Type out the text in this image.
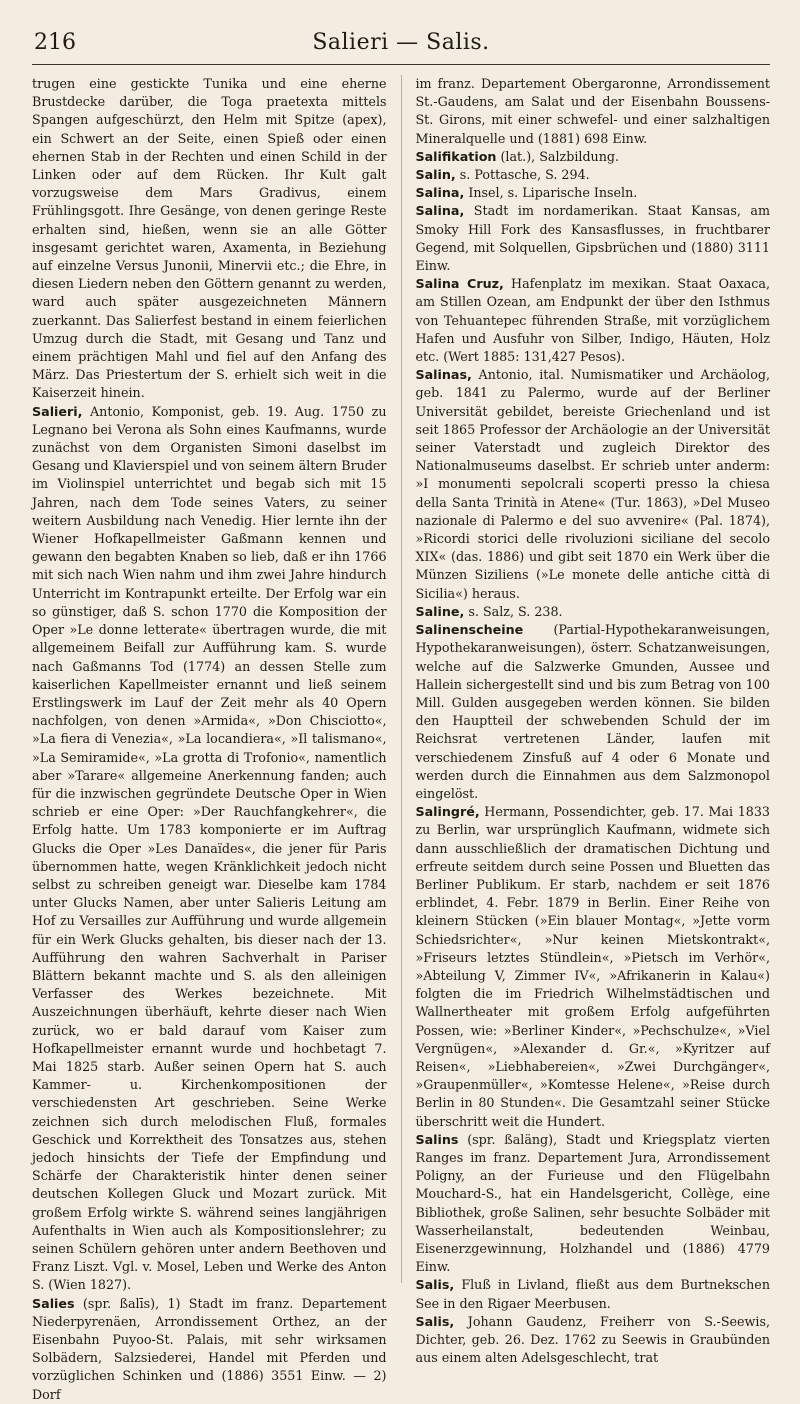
216	Salieri — Salis.

trugen eine gestickte Tunika und eine eherne Brustdecke darüber, die Toga praetexta mittels Spangen aufgeschürzt, den Helm mit Spitze (apex), ein Schwert an der Seite, einen Spieß oder einen ehernen Stab in der Rechten und einen Schild in der Linken oder auf dem Rücken. Ihr Kult galt vorzugsweise dem Mars Gradivus, einem Frühlingsgott. Ihre Gesänge, von denen geringe Reste erhalten sind, hießen, wenn sie an alle Götter insgesamt gerichtet waren, Axamenta, in Beziehung auf einzelne Versus Junonii, Minervii etc.; die Ehre, in diesen Liedern neben den Göttern genannt zu werden, ward auch später ausgezeichneten Männern zuerkannt. Das Salierfest bestand in einem feierlichen Umzug durch die Stadt, mit Gesang und Tanz und einem prächtigen Mahl und fiel auf den Anfang des März. Das Priestertum der S. erhielt sich weit in die Kaiserzeit hinein.

Salieri, Antonio, Komponist, geb. 19. Aug. 1750 zu Legnano bei Verona als Sohn eines Kaufmanns, wurde zunächst von dem Organisten Simoni daselbst im Gesang und Klavierspiel und von seinem ältern Bruder im Violinspiel unterrichtet und begab sich mit 15 Jahren, nach dem Tode seines Vaters, zu seiner weitern Ausbildung nach Venedig. Hier lernte ihn der Wiener Hofkapellmeister Gaßmann kennen und gewann den begabten Knaben so lieb, daß er ihn 1766 mit sich nach Wien nahm und ihm zwei Jahre hindurch Unterricht im Kontrapunkt erteilte. Der Erfolg war ein so günstiger, daß S. schon 1770 die Komposition der Oper »Le donne letterate« übertragen wurde, die mit allgemeinem Beifall zur Aufführung kam. S. wurde nach Gaßmanns Tod (1774) an dessen Stelle zum kaiserlichen Kapellmeister ernannt und ließ seinem Erstlingswerk im Lauf der Zeit mehr als 40 Opern nachfolgen, von denen »Armida«, »Don Chisciotto«, »La fiera di Venezia«, »La locandiera«, »Il talismano«, »La Semiramide«, »La grotta di Trofonio«, namentlich aber »Tarare« allgemeine Anerkennung fanden; auch für die inzwischen gegründete Deutsche Oper in Wien schrieb er eine Oper: »Der Rauchfangkehrer«, die Erfolg hatte. Um 1783 komponierte er im Auftrag Glucks die Oper »Les Danaïdes«, die jener für Paris übernommen hatte, wegen Kränklichkeit jedoch nicht selbst zu schreiben geneigt war. Dieselbe kam 1784 unter Glucks Namen, aber unter Salieris Leitung am Hof zu Versailles zur Aufführung und wurde allgemein für ein Werk Glucks gehalten, bis dieser nach der 13. Aufführung den wahren Sachverhalt in Pariser Blättern bekannt machte und S. als den alleinigen Verfasser des Werkes bezeichnete. Mit Auszeichnungen überhäuft, kehrte dieser nach Wien zurück, wo er bald darauf vom Kaiser zum Hofkapellmeister ernannt wurde und hochbetagt 7. Mai 1825 starb. Außer seinen Opern hat S. auch Kammer- u. Kirchenkompositionen der verschiedensten Art geschrieben. Seine Werke zeichnen sich durch melodischen Fluß, formales Geschick und Korrektheit des Tonsatzes aus, stehen jedoch hinsichts der Tiefe der Empfindung und Schärfe der Charakteristik hinter denen seiner deutschen Kollegen Gluck und Mozart zurück. Mit großem Erfolg wirkte S. während seines langjährigen Aufenthalts in Wien auch als Kompositionslehrer; zu seinen Schülern gehören unter andern Beethoven und Franz Liszt. Vgl. v. Mosel, Leben und Werke des Anton S. (Wien 1827).

Salies (spr. ßalīs), 1) Stadt im franz. Departement Niederpyrenäen, Arrondissement Orthez, an der Eisenbahn Puyoo-St. Palais, mit sehr wirksamen Solbädern, Salzsiederei, Handel mit Pferden und vorzüglichen Schinken und (1886) 3551 Einw. — 2) Dorf

im franz. Departement Obergaronne, Arrondissement St.-Gaudens, am Salat und der Eisenbahn Boussens-St. Girons, mit einer schwefel- und einer salzhaltigen Mineralquelle und (1881) 698 Einw.

Salifikation (lat.), Salzbildung.

Salin, s. Pottasche, S. 294.

Salina, Insel, s. Liparische Inseln.

Salina, Stadt im nordamerikan. Staat Kansas, am Smoky Hill Fork des Kansasflusses, in fruchtbarer Gegend, mit Solquellen, Gipsbrüchen und (1880) 3111 Einw.

Salina Cruz, Hafenplatz im mexikan. Staat Oaxaca, am Stillen Ozean, am Endpunkt der über den Isthmus von Tehuantepec führenden Straße, mit vorzüglichem Hafen und Ausfuhr von Silber, Indigo, Häuten, Holz etc. (Wert 1885: 131,427 Pesos).

Salinas, Antonio, ital. Numismatiker und Archäolog, geb. 1841 zu Palermo, wurde auf der Berliner Universität gebildet, bereiste Griechenland und ist seit 1865 Professor der Archäologie an der Universität seiner Vaterstadt und zugleich Direktor des Nationalmuseums daselbst. Er schrieb unter anderm: »I monumenti sepolcrali scoperti presso la chiesa della Santa Trinità in Atene« (Tur. 1863), »Del Museo nazionale di Palermo e del suo avvenire« (Pal. 1874), »Ricordi storici delle rivoluzioni siciliane del secolo XIX« (das. 1886) und gibt seit 1870 ein Werk über die Münzen Siziliens (»Le monete delle antiche città di Sicilia«) heraus.

Saline, s. Salz, S. 238.

Salinenscheine (Partial-Hypothekaranweisungen, Hypothekaranweisungen), österr. Schatzanweisungen, welche auf die Salzwerke Gmunden, Aussee und Hallein sichergestellt sind und bis zum Betrag von 100 Mill. Gulden ausgegeben werden können. Sie bilden den Hauptteil der schwebenden Schuld der im Reichsrat vertretenen Länder, laufen mit verschiedenem Zinsfuß auf 4 oder 6 Monate und werden durch die Einnahmen aus dem Salzmonopol eingelöst.

Salingré, Hermann, Possendichter, geb. 17. Mai 1833 zu Berlin, war ursprünglich Kaufmann, widmete sich dann ausschließlich der dramatischen Dichtung und erfreute seitdem durch seine Possen und Bluetten das Berliner Publikum. Er starb, nachdem er seit 1876 erblindet, 4. Febr. 1879 in Berlin. Einer Reihe von kleinern Stücken (»Ein blauer Montag«, »Jette vorm Schiedsrichter«, »Nur keinen Mietskontrakt«, »Friseurs letztes Stündlein«, »Pietsch im Verhör«, »Abteilung V, Zimmer IV«, »Afrikanerin in Kalau«) folgten die im Friedrich Wilhelmstädtischen und Wallnertheater mit großem Erfolg aufgeführten Possen, wie: »Berliner Kinder«, »Pechschulze«, »Viel Vergnügen«, »Alexander d. Gr.«, »Kyritzer auf Reisen«, »Liebhabereien«, »Zwei Durchgänger«, »Graupenmüller«, »Komtesse Helene«, »Reise durch Berlin in 80 Stunden«. Die Gesamtzahl seiner Stücke überschritt weit die Hundert.

Salins (spr. ßaläng), Stadt und Kriegsplatz vierten Ranges im franz. Departement Jura, Arrondissement Poligny, an der Furieuse und den Flügelbahn Mouchard-S., hat ein Handelsgericht, Collège, eine Bibliothek, große Salinen, sehr besuchte Solbäder mit Wasserheilanstalt, bedeutenden Weinbau, Eisenerzgewinnung, Holzhandel und (1886) 4779 Einw.

Salis, Fluß in Livland, fließt aus dem Burtnekschen See in den Rigaer Meerbusen.

Salis, Johann Gaudenz, Freiherr von S.-Seewis, Dichter, geb. 26. Dez. 1762 zu Seewis in Graubünden aus einem alten Adelsgeschlecht, trat
